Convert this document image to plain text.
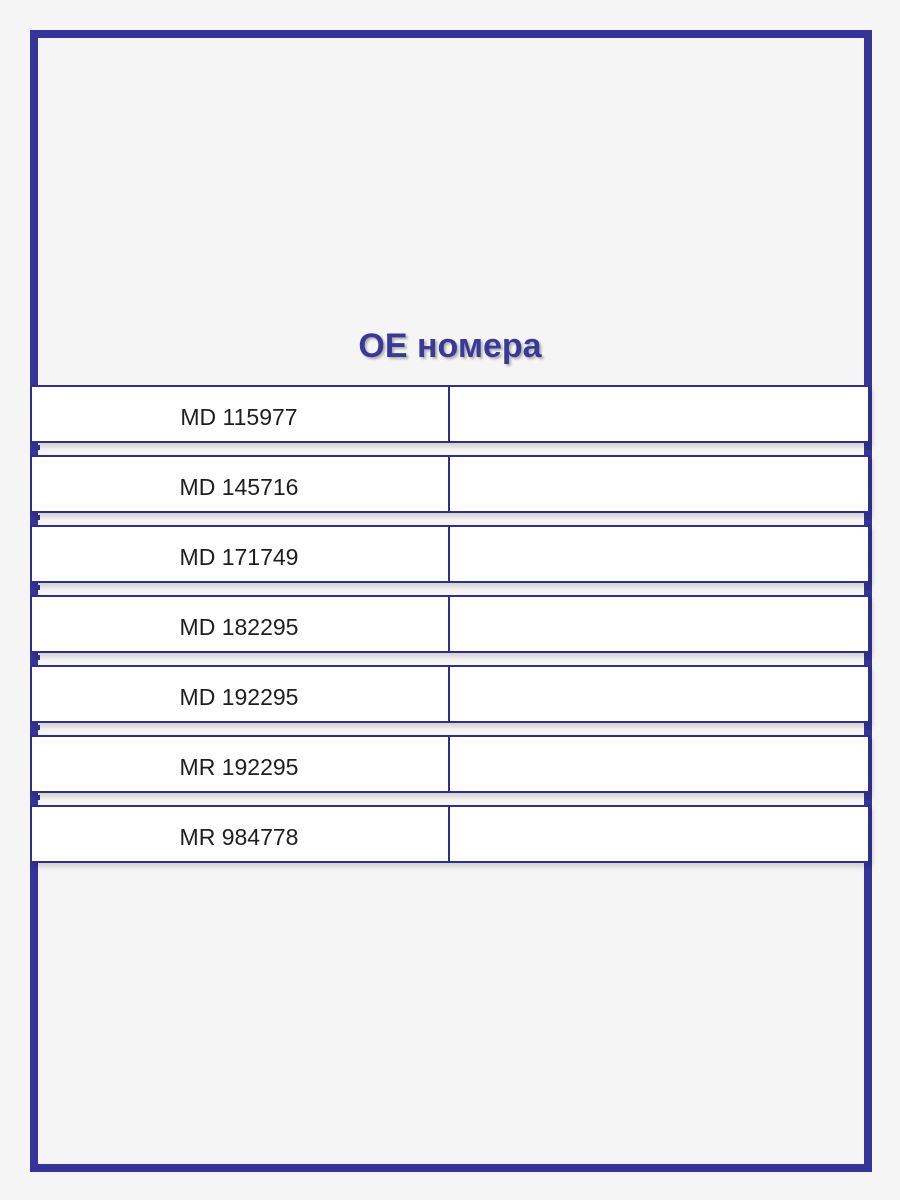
OE номера
MD 115977
MD 145716
MD 171749
MD 182295
MD 192295
MR 192295
MR 984778
